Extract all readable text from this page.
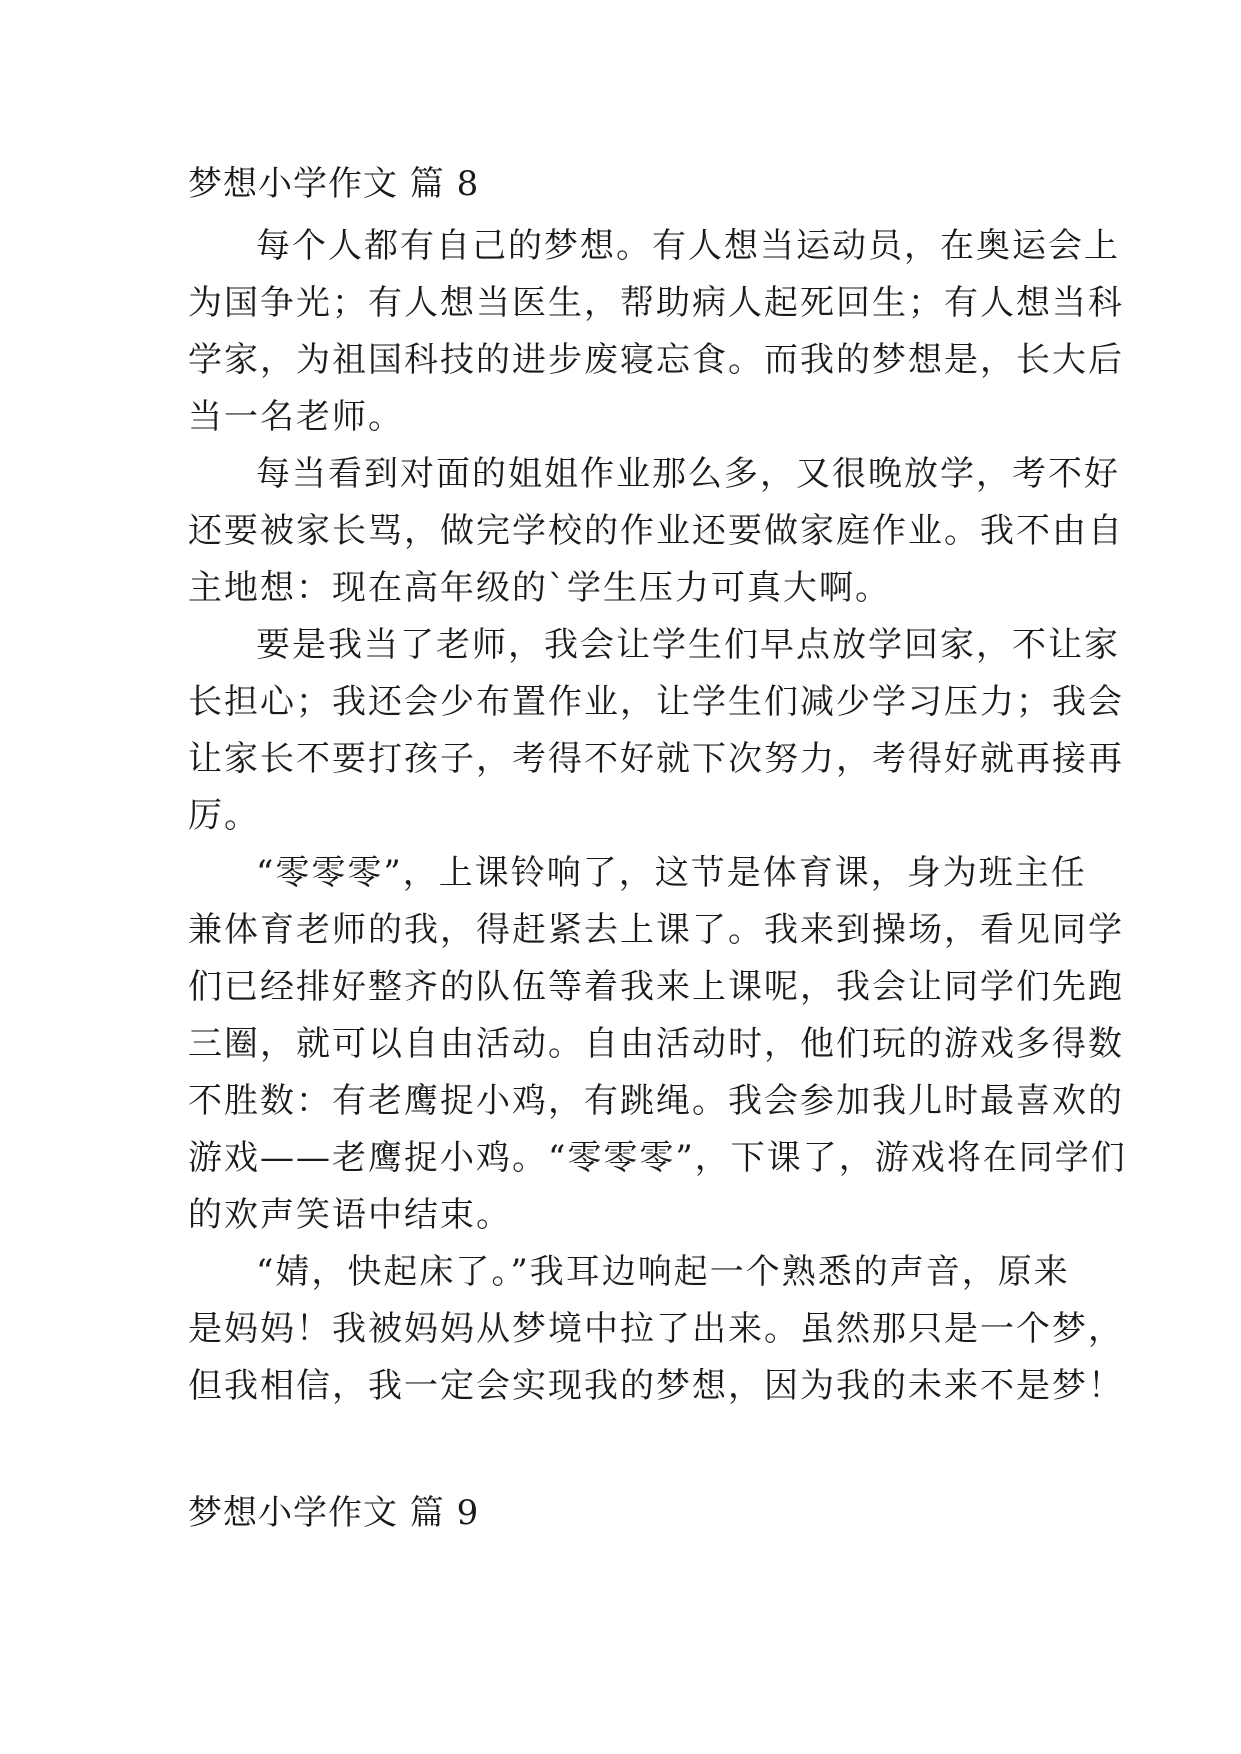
梦想小学作文 篇 8
每个人都有自己的梦想。有人想当运动员，在奥运会上
为国争光；有人想当医生，帮助病人起死回生；有人想当科
学家，为祖国科技的进步废寝忘食。而我的梦想是，长大后
当一名老师。
每当看到对面的姐姐作业那么多，又很晚放学，考不好
还要被家长骂，做完学校的作业还要做家庭作业。我不由自
主地想：现在高年级的`学生压力可真大啊。
要是我当了老师，我会让学生们早点放学回家，不让家
长担心；我还会少布置作业，让学生们减少学习压力；我会
让家长不要打孩子，考得不好就下次努力，考得好就再接再
厉。
“零零零”，上课铃响了，这节是体育课，身为班主任
兼体育老师的我，得赶紧去上课了。我来到操场，看见同学
们已经排好整齐的队伍等着我来上课呢，我会让同学们先跑
三圈，就可以自由活动。自由活动时，他们玩的游戏多得数
不胜数：有老鹰捉小鸡，有跳绳。我会参加我儿时最喜欢的
游戏——老鹰捉小鸡。“零零零”，下课了，游戏将在同学们
的欢声笑语中结束。
“婧，快起床了。”我耳边响起一个熟悉的声音，原来
是妈妈！我被妈妈从梦境中拉了出来。虽然那只是一个梦，
但我相信，我一定会实现我的梦想，因为我的未来不是梦！
梦想小学作文 篇 9
